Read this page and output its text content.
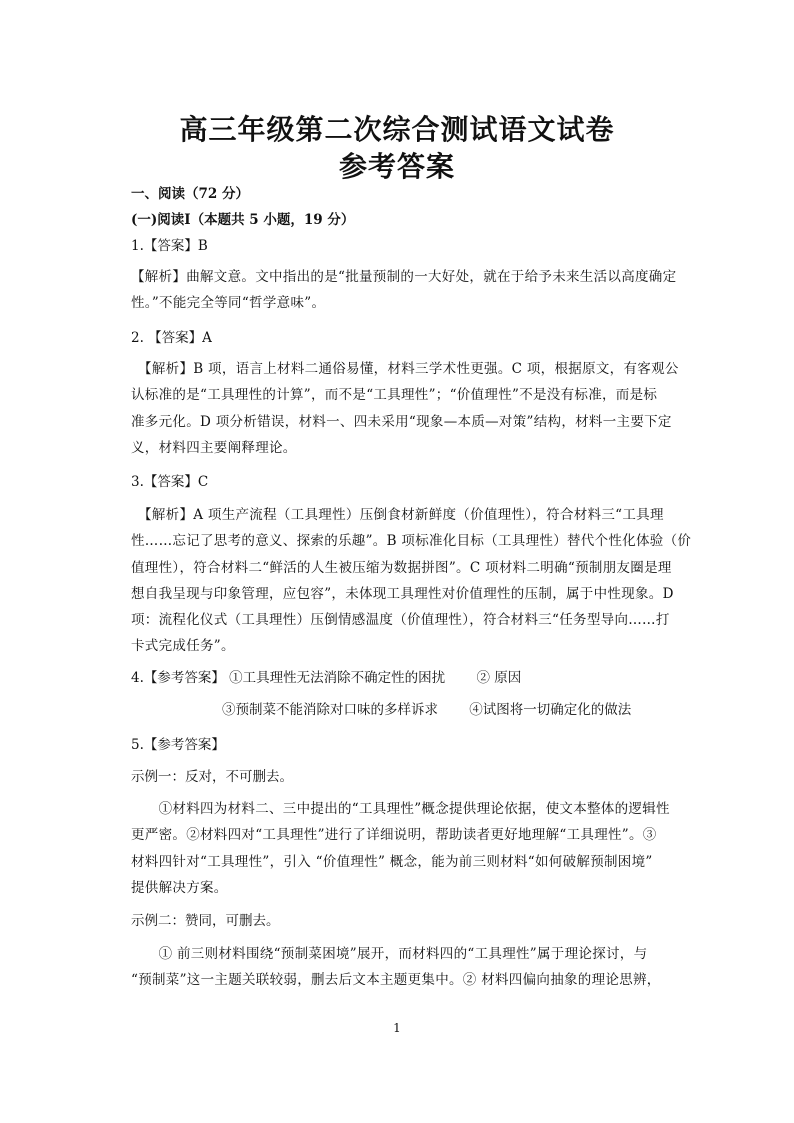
高三年级第二次综合测试语文试卷
参考答案
一、阅读（72 分）
(一)阅读Ⅰ（本题共 5 小题，19 分）
1.【答案】B
【解析】曲解文意。文中指出的是“批量预制的一大好处，就在于给予未来生活以高度确定
性。”不能完全等同“哲学意味”。
2. 【答案】A
　【解析】B 项，语言上材料二通俗易懂，材料三学术性更强。C 项，根据原文，有客观公
认标准的是“工具理性的计算”，而不是“工具理性”；“价值理性”不是没有标准，而是标
准多元化。D 项分析错误，材料一、四未采用“现象—本质—对策”结构，材料一主要下定
义，材料四主要阐释理论。
3.【答案】C
　【解析】A 项生产流程（工具理性）压倒食材新鲜度（价值理性），符合材料三“工具理
性……忘记了思考的意义、探索的乐趣”。B 项标准化目标（工具理性）替代个性化体验（价
值理性），符合材料二“鲜活的人生被压缩为数据拼图”。C 项材料二明确“预制朋友圈是理
想自我呈现与印象管理，应包容”，未体现工具理性对价值理性的压制，属于中性现象。D
项：流程化仪式（工具理性）压倒情感温度（价值理性），符合材料三“任务型导向……打
卡式完成任务”。
4.【参考答案】 ①工具理性无法消除不确定性的困扰　　 ② 原因
③预制菜不能消除对口味的多样诉求　　 ④试图将一切确定化的做法
5.【参考答案】
示例一：反对，不可删去。
　　①材料四为材料二、三中提出的“工具理性”概念提供理论依据，使文本整体的逻辑性
更严密。②材料四对“工具理性”进行了详细说明，帮助读者更好地理解“工具理性”。③
材料四针对“工具理性”，引入 “价值理性” 概念，能为前三则材料“如何破解预制困境”
提供解决方案。
示例二：赞同，可删去。
　　① 前三则材料围绕“预制菜困境”展开，而材料四的“工具理性”属于理论探讨，与
“预制菜”这一主题关联较弱，删去后文本主题更集中。② 材料四偏向抽象的理论思辨，
1
